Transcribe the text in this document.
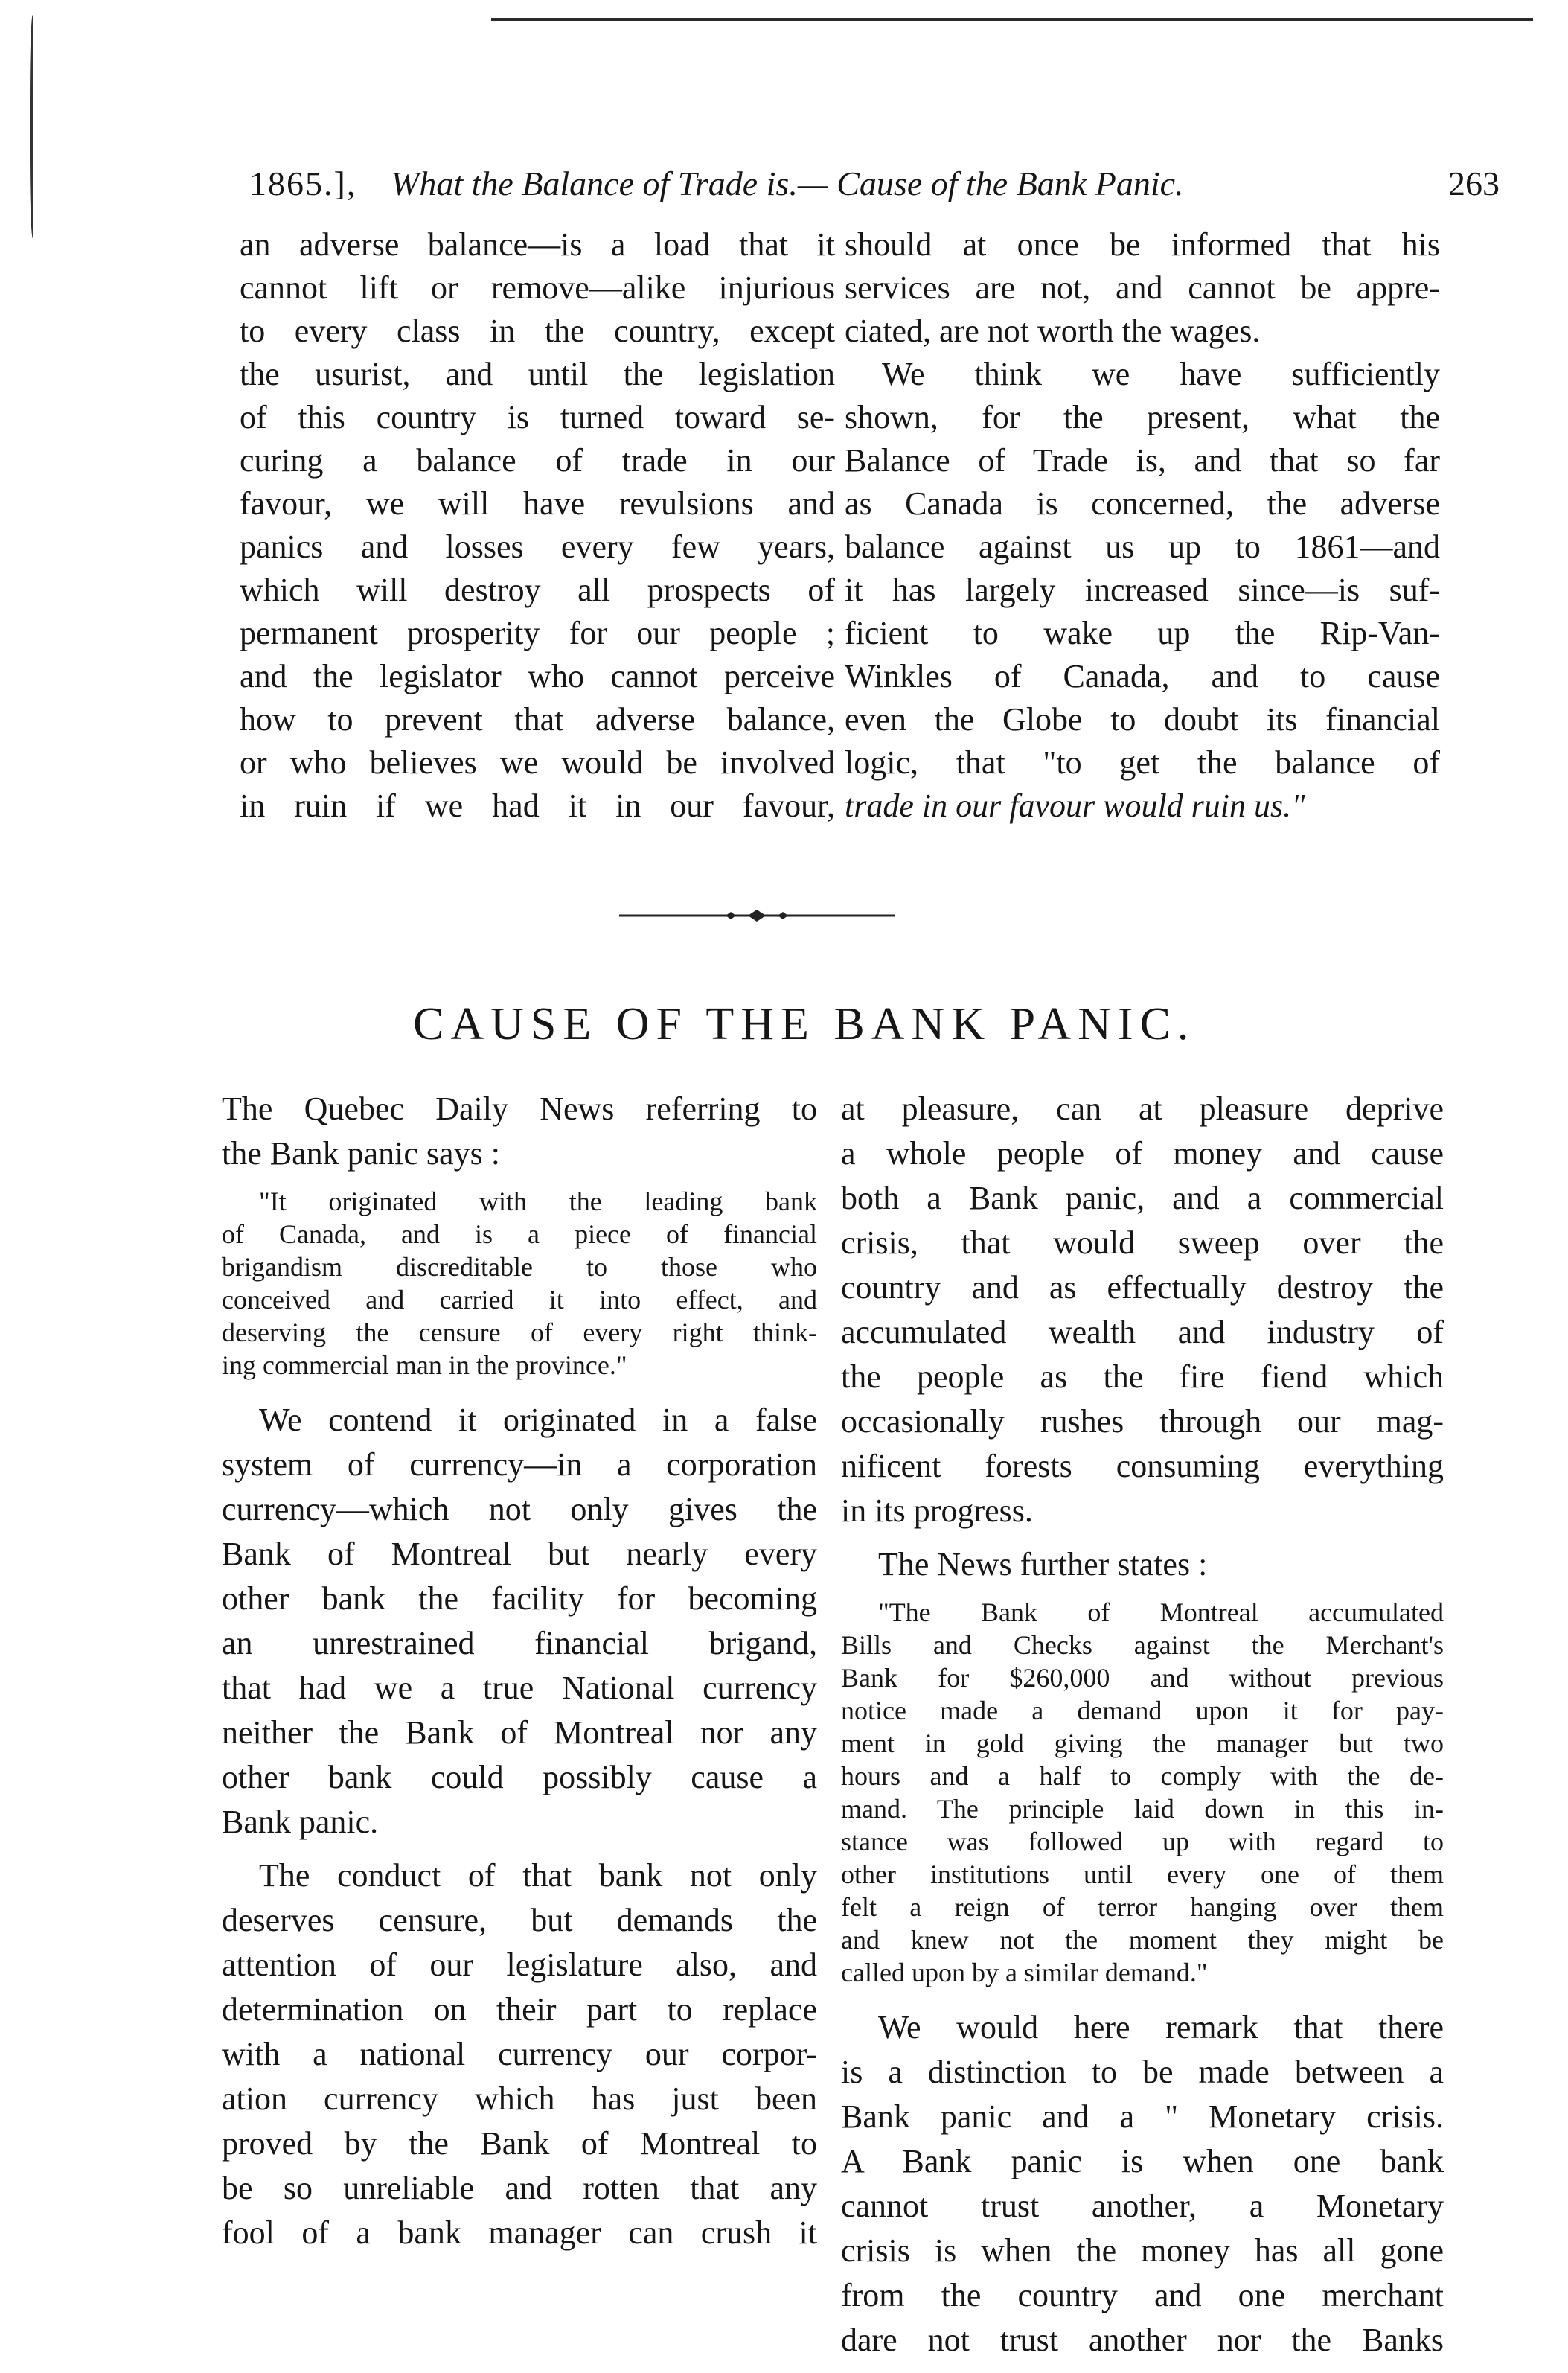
1865.], What the Balance of Trade is.— Cause of the Bank Panic.	263
an adverse balance—is a load that it
cannot lift or remove—alike injurious
to every class in the country, except
the usurist, and until the legislation
of this country is turned toward se-
curing a balance of trade in our
favour, we will have revulsions and
panics and losses every few years,
which will destroy all prospects of
permanent prosperity for our people ;
and the legislator who cannot perceive
how to prevent that adverse balance,
or who believes we would be involved
in ruin if we had it in our favour,
should at once be informed that his
services are not, and cannot be appre-
ciated, are not worth the wages.
We think we have sufficiently
shown, for the present, what the
Balance of Trade is, and that so far
as Canada is concerned, the adverse
balance against us up to 1861—and
it has largely increased since—is suf-
ficient to wake up the Rip-Van-
Winkles of Canada, and to cause
even the Globe to doubt its financial
logic, that "to get the balance of
trade in our favour would ruin us."
CAUSE OF THE BANK PANIC.
The Quebec Daily News referring to
the Bank panic says :
"It originated with the leading bank
of Canada, and is a piece of financial
brigandism discreditable to those who
conceived and carried it into effect, and
deserving the censure of every right think-
ing commercial man in the province."
We contend it originated in a false
system of currency—in a corporation
currency—which not only gives the
Bank of Montreal but nearly every
other bank the facility for becoming
an unrestrained financial brigand,
that had we a true National currency
neither the Bank of Montreal nor any
other bank could possibly cause a
Bank panic.
The conduct of that bank not only
deserves censure, but demands the
attention of our legislature also, and
determination on their part to replace
with a national currency our corpor-
ation currency which has just been
proved by the Bank of Montreal to
be so unreliable and rotten that any
fool of a bank manager can crush it
at pleasure, can at pleasure deprive
a whole people of money and cause
both a Bank panic, and a commercial
crisis, that would sweep over the
country and as effectually destroy the
accumulated wealth and industry of
the people as the fire fiend which
occasionally rushes through our mag-
nificent forests consuming everything
in its progress.
The News further states :
"The Bank of Montreal accumulated
Bills and Checks against the Merchant's
Bank for $260,000 and without previous
notice made a demand upon it for pay-
ment in gold giving the manager but two
hours and a half to comply with the de-
mand. The principle laid down in this in-
stance was followed up with regard to
other institutions until every one of them
felt a reign of terror hanging over them
and knew not the moment they might be
called upon by a similar demand."
We would here remark that there
is a distinction to be made between a
Bank panic and a " Monetary crisis.
A Bank panic is when one bank
cannot trust another, a Monetary
crisis is when the money has all gone
from the country and one merchant
dare not trust another nor the Banks
